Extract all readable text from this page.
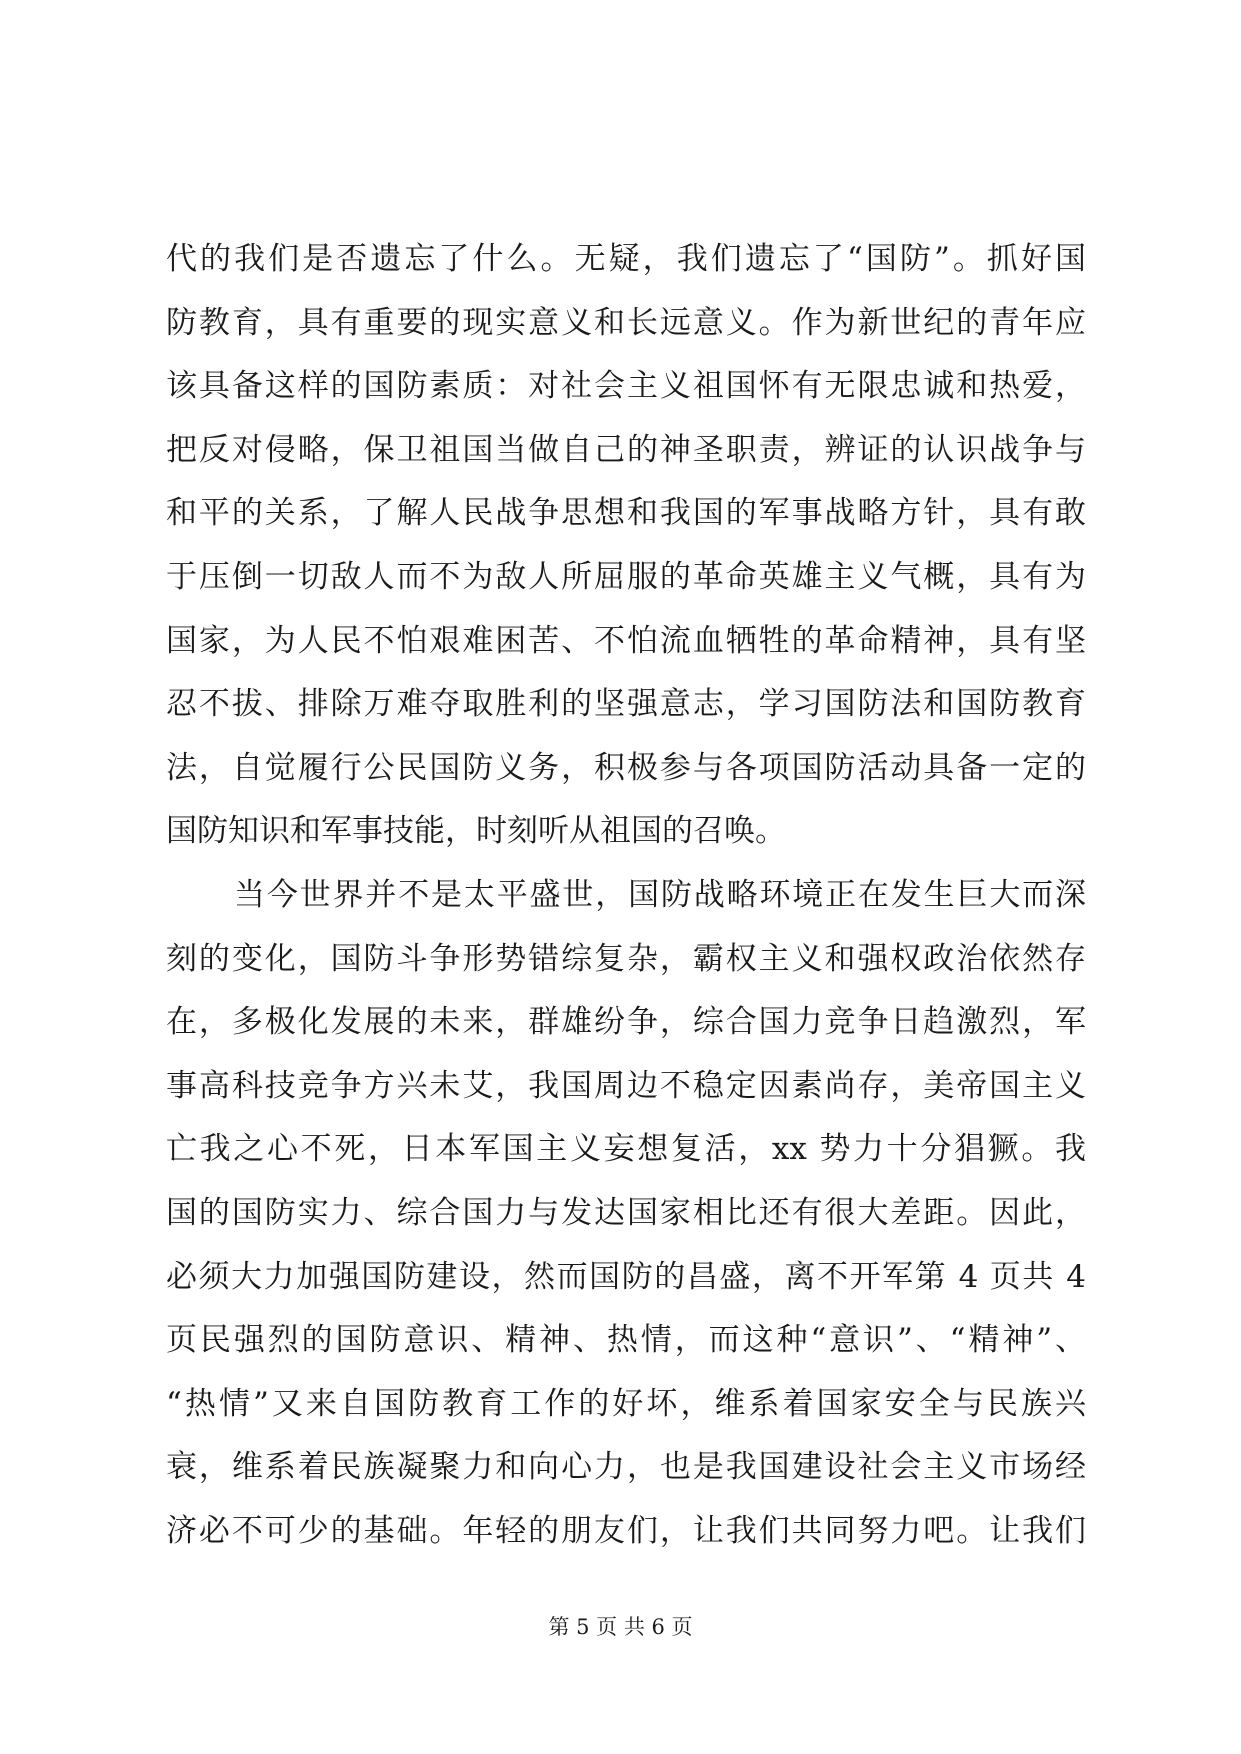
代的我们是否遗忘了什么。无疑，我们遗忘了“国防”。抓好国
防教育，具有重要的现实意义和长远意义。作为新世纪的青年应
该具备这样的国防素质：对社会主义祖国怀有无限忠诚和热爱，
把反对侵略，保卫祖国当做自己的神圣职责，辨证的认识战争与
和平的关系，了解人民战争思想和我国的军事战略方针，具有敢
于压倒一切敌人而不为敌人所屈服的革命英雄主义气概，具有为
国家，为人民不怕艰难困苦、不怕流血牺牲的革命精神，具有坚
忍不拔、排除万难夺取胜利的坚强意志，学习国防法和国防教育
法，自觉履行公民国防义务，积极参与各项国防活动具备一定的
国防知识和军事技能，时刻听从祖国的召唤。
当今世界并不是太平盛世，国防战略环境正在发生巨大而深
刻的变化，国防斗争形势错综复杂，霸权主义和强权政治依然存
在，多极化发展的未来，群雄纷争，综合国力竞争日趋激烈，军
事高科技竞争方兴未艾，我国周边不稳定因素尚存，美帝国主义
亡我之心不死，日本军国主义妄想复活，xx 势力十分猖獗。我
国的国防实力、综合国力与发达国家相比还有很大差距。因此，
必须大力加强国防建设，然而国防的昌盛，离不开军第 4 页共 4
页民强烈的国防意识、精神、热情，而这种“意识”、“精神”、
“热情”又来自国防教育工作的好坏，维系着国家安全与民族兴
衰，维系着民族凝聚力和向心力，也是我国建设社会主义市场经
济必不可少的基础。年轻的朋友们，让我们共同努力吧。让我们
第 5 页 共 6 页
